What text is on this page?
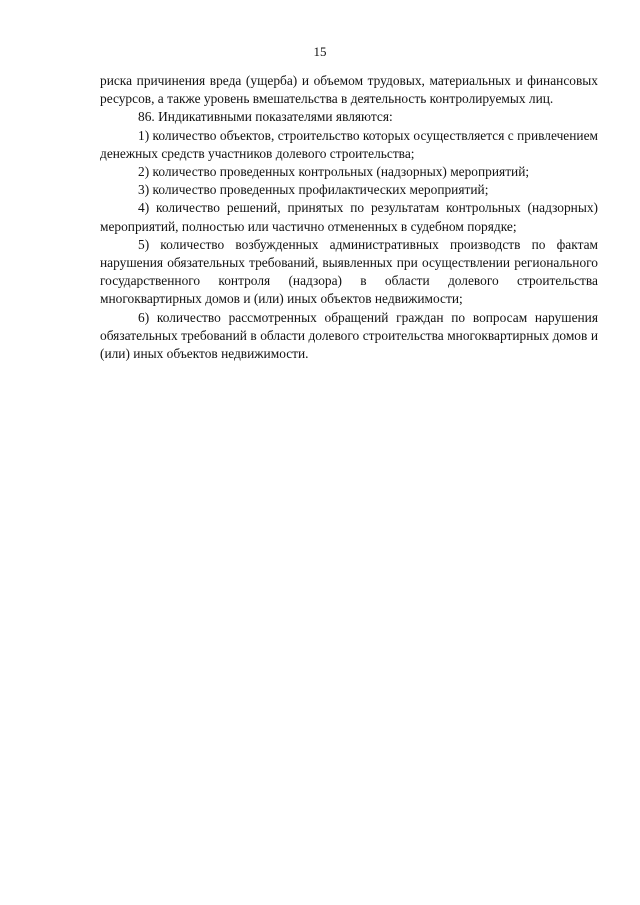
15

риска причинения вреда (ущерба) и объемом трудовых, материальных и финансовых ресурсов, а также уровень вмешательства в деятельность контролируемых лиц.

86. Индикативными показателями являются:

1) количество объектов, строительство которых осуществляется с привлечением денежных средств участников долевого строительства;

2) количество проведенных контрольных (надзорных) мероприятий;

3) количество проведенных профилактических мероприятий;

4) количество решений, принятых по результатам контрольных (надзорных) мероприятий, полностью или частично отмененных в судебном порядке;

5) количество возбужденных административных производств по фактам нарушения обязательных требований, выявленных при осуществлении регионального государственного контроля (надзора) в области долевого строительства многоквартирных домов и (или) иных объектов недвижимости;

6) количество рассмотренных обращений граждан по вопросам нарушения обязательных требований в области долевого строительства многоквартирных домов и (или) иных объектов недвижимости.
